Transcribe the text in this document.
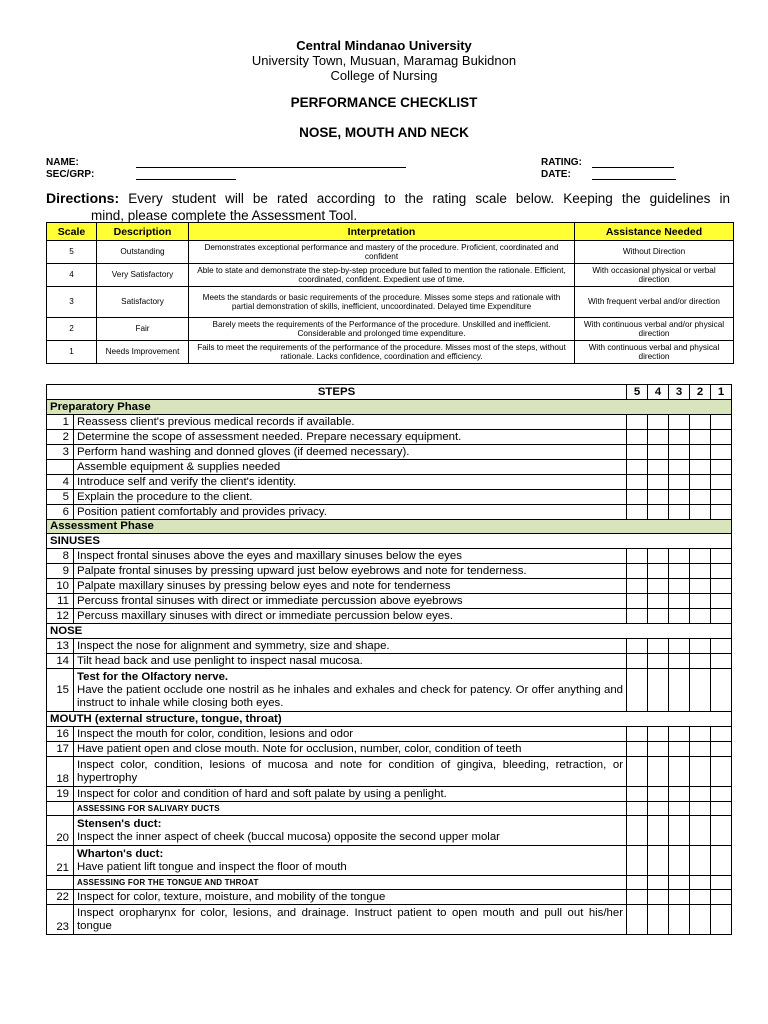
Central Mindanao University
University Town, Musuan, Maramag Bukidnon
College of Nursing
PERFORMANCE CHECKLIST
NOSE, MOUTH AND NECK
NAME:
SEC/GRP:
RATING:
DATE:
Directions: Every student will be rated according to the rating scale below. Keeping the guidelines in
mind, please complete the Assessment Tool.
Scale	Description	Interpretation	Assistance Needed
5	Outstanding	Demonstrates exceptional performance and mastery of the procedure. Proficient, coordinated and confident	Without Direction
4	Very Satisfactory	Able to state and demonstrate the step-by-step procedure but failed to mention the rationale. Efficient, coordinated, confident. Expedient use of time.	With occasional physical or verbal direction
3	Satisfactory	Meets the standards or basic requirements of the procedure. Misses some steps and rationale with partial demonstration of skills, inefficient, uncoordinated. Delayed time Expenditure	With frequent verbal and/or direction
2	Fair	Barely meets the requirements of the Performance of the procedure. Unskilled and inefficient. Considerable and prolonged time expenditure.	With continuous verbal and/or physical direction
1	Needs Improvement	Fails to meet the requirements of the performance of the procedure. Misses most of the steps, without rationale. Lacks confidence, coordination and efficiency.	With continuous verbal and physical direction
STEPS		5	4	3	2	1
Preparatory Phase						
1	Reassess client's previous medical records if available.					
2	Determine the scope of assessment needed. Prepare necessary equipment.					
3	Perform hand washing and donned gloves (if deemed necessary).					
	Assemble equipment & supplies needed					
4	Introduce self and verify the client's identity.					
5	Explain the procedure to the client.					
6	Position patient comfortably and provides privacy.					
Assessment Phase						
SINUSES						
8	Inspect frontal sinuses above the eyes and maxillary sinuses below the eyes					
9	Palpate frontal sinuses by pressing upward just below eyebrows and note for tenderness.					
10	Palpate maxillary sinuses by pressing below eyes and note for tenderness					
11	Percuss frontal sinuses with direct or immediate percussion above eyebrows					
12	Percuss maxillary sinuses with direct or immediate percussion below eyes.					
NOSE						
13	Inspect the nose for alignment and symmetry, size and shape.					
14	Tilt head back and use penlight to inspect nasal mucosa.					
15	Test for the Olfactory nerve.
Have the patient occlude one nostril as he inhales and exhales and check for patency. Or offer anything and instruct to inhale while closing both eyes.					

MOUTH (external structure, tongue, throat)						
16	Inspect the mouth for color, condition, lesions and odor					
17	Have patient open and close mouth. Note for occlusion, number, color, condition of teeth					
18	Inspect color, condition, lesions of mucosa and note for condition of gingiva, bleeding, retraction, or hypertrophy					
19	Inspect for color and condition of hard and soft palate by using a penlight.					
	ASSESSING FOR SALIVARY DUCTS					
20	Stensen's duct:
Inspect the inner aspect of cheek (buccal mucosa) opposite the second upper molar					

21	Wharton's duct:
Have patient lift tongue and inspect the floor of mouth					

	ASSESSING FOR THE TONGUE AND THROAT					
22	Inspect for color, texture, moisture, and mobility of the tongue					
23	Inspect oropharynx for color, lesions, and drainage. Instruct patient to open mouth and pull out his/her tongue					
